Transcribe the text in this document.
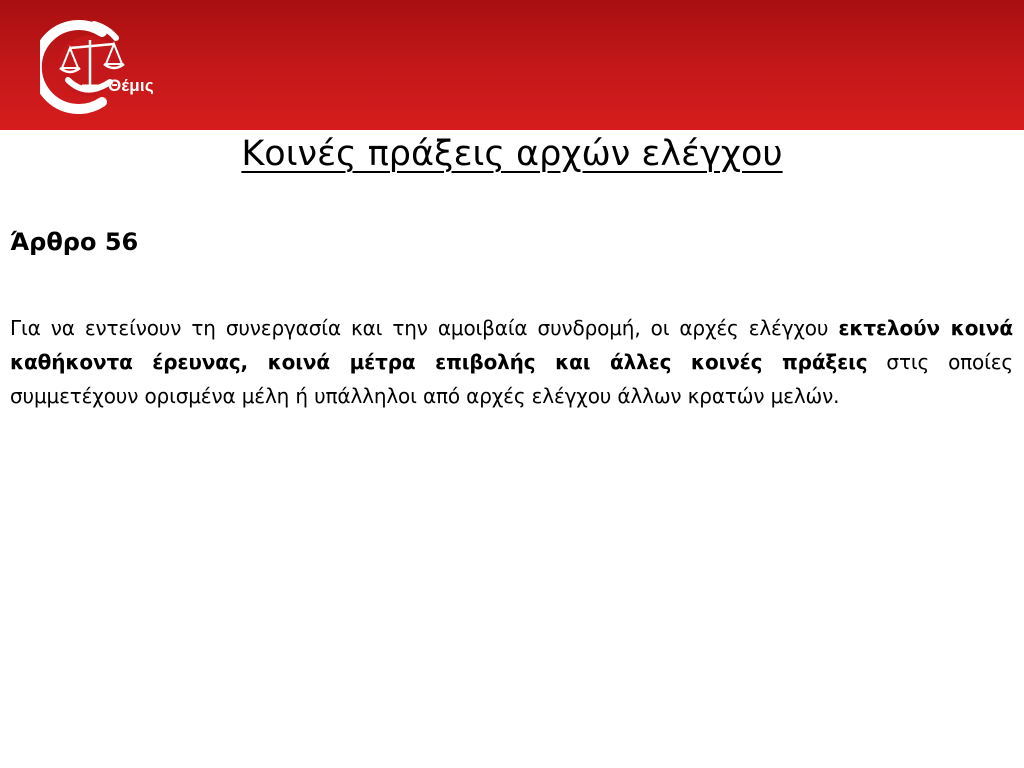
Θέμις
Κοινές πράξεις αρχών ελέγχου
Άρθρο 56

Για να εντείνουν τη συνεργασία και την αμοιβαία συνδρομή, οι αρχές ελέγχου εκτελούν κοινά καθήκοντα έρευνας, κοινά μέτρα επιβολής και άλλες κοινές πράξεις στις οποίες συμμετέχουν ορισμένα μέλη ή υπάλληλοι από αρχές ελέγχου άλλων κρατών μελών.
